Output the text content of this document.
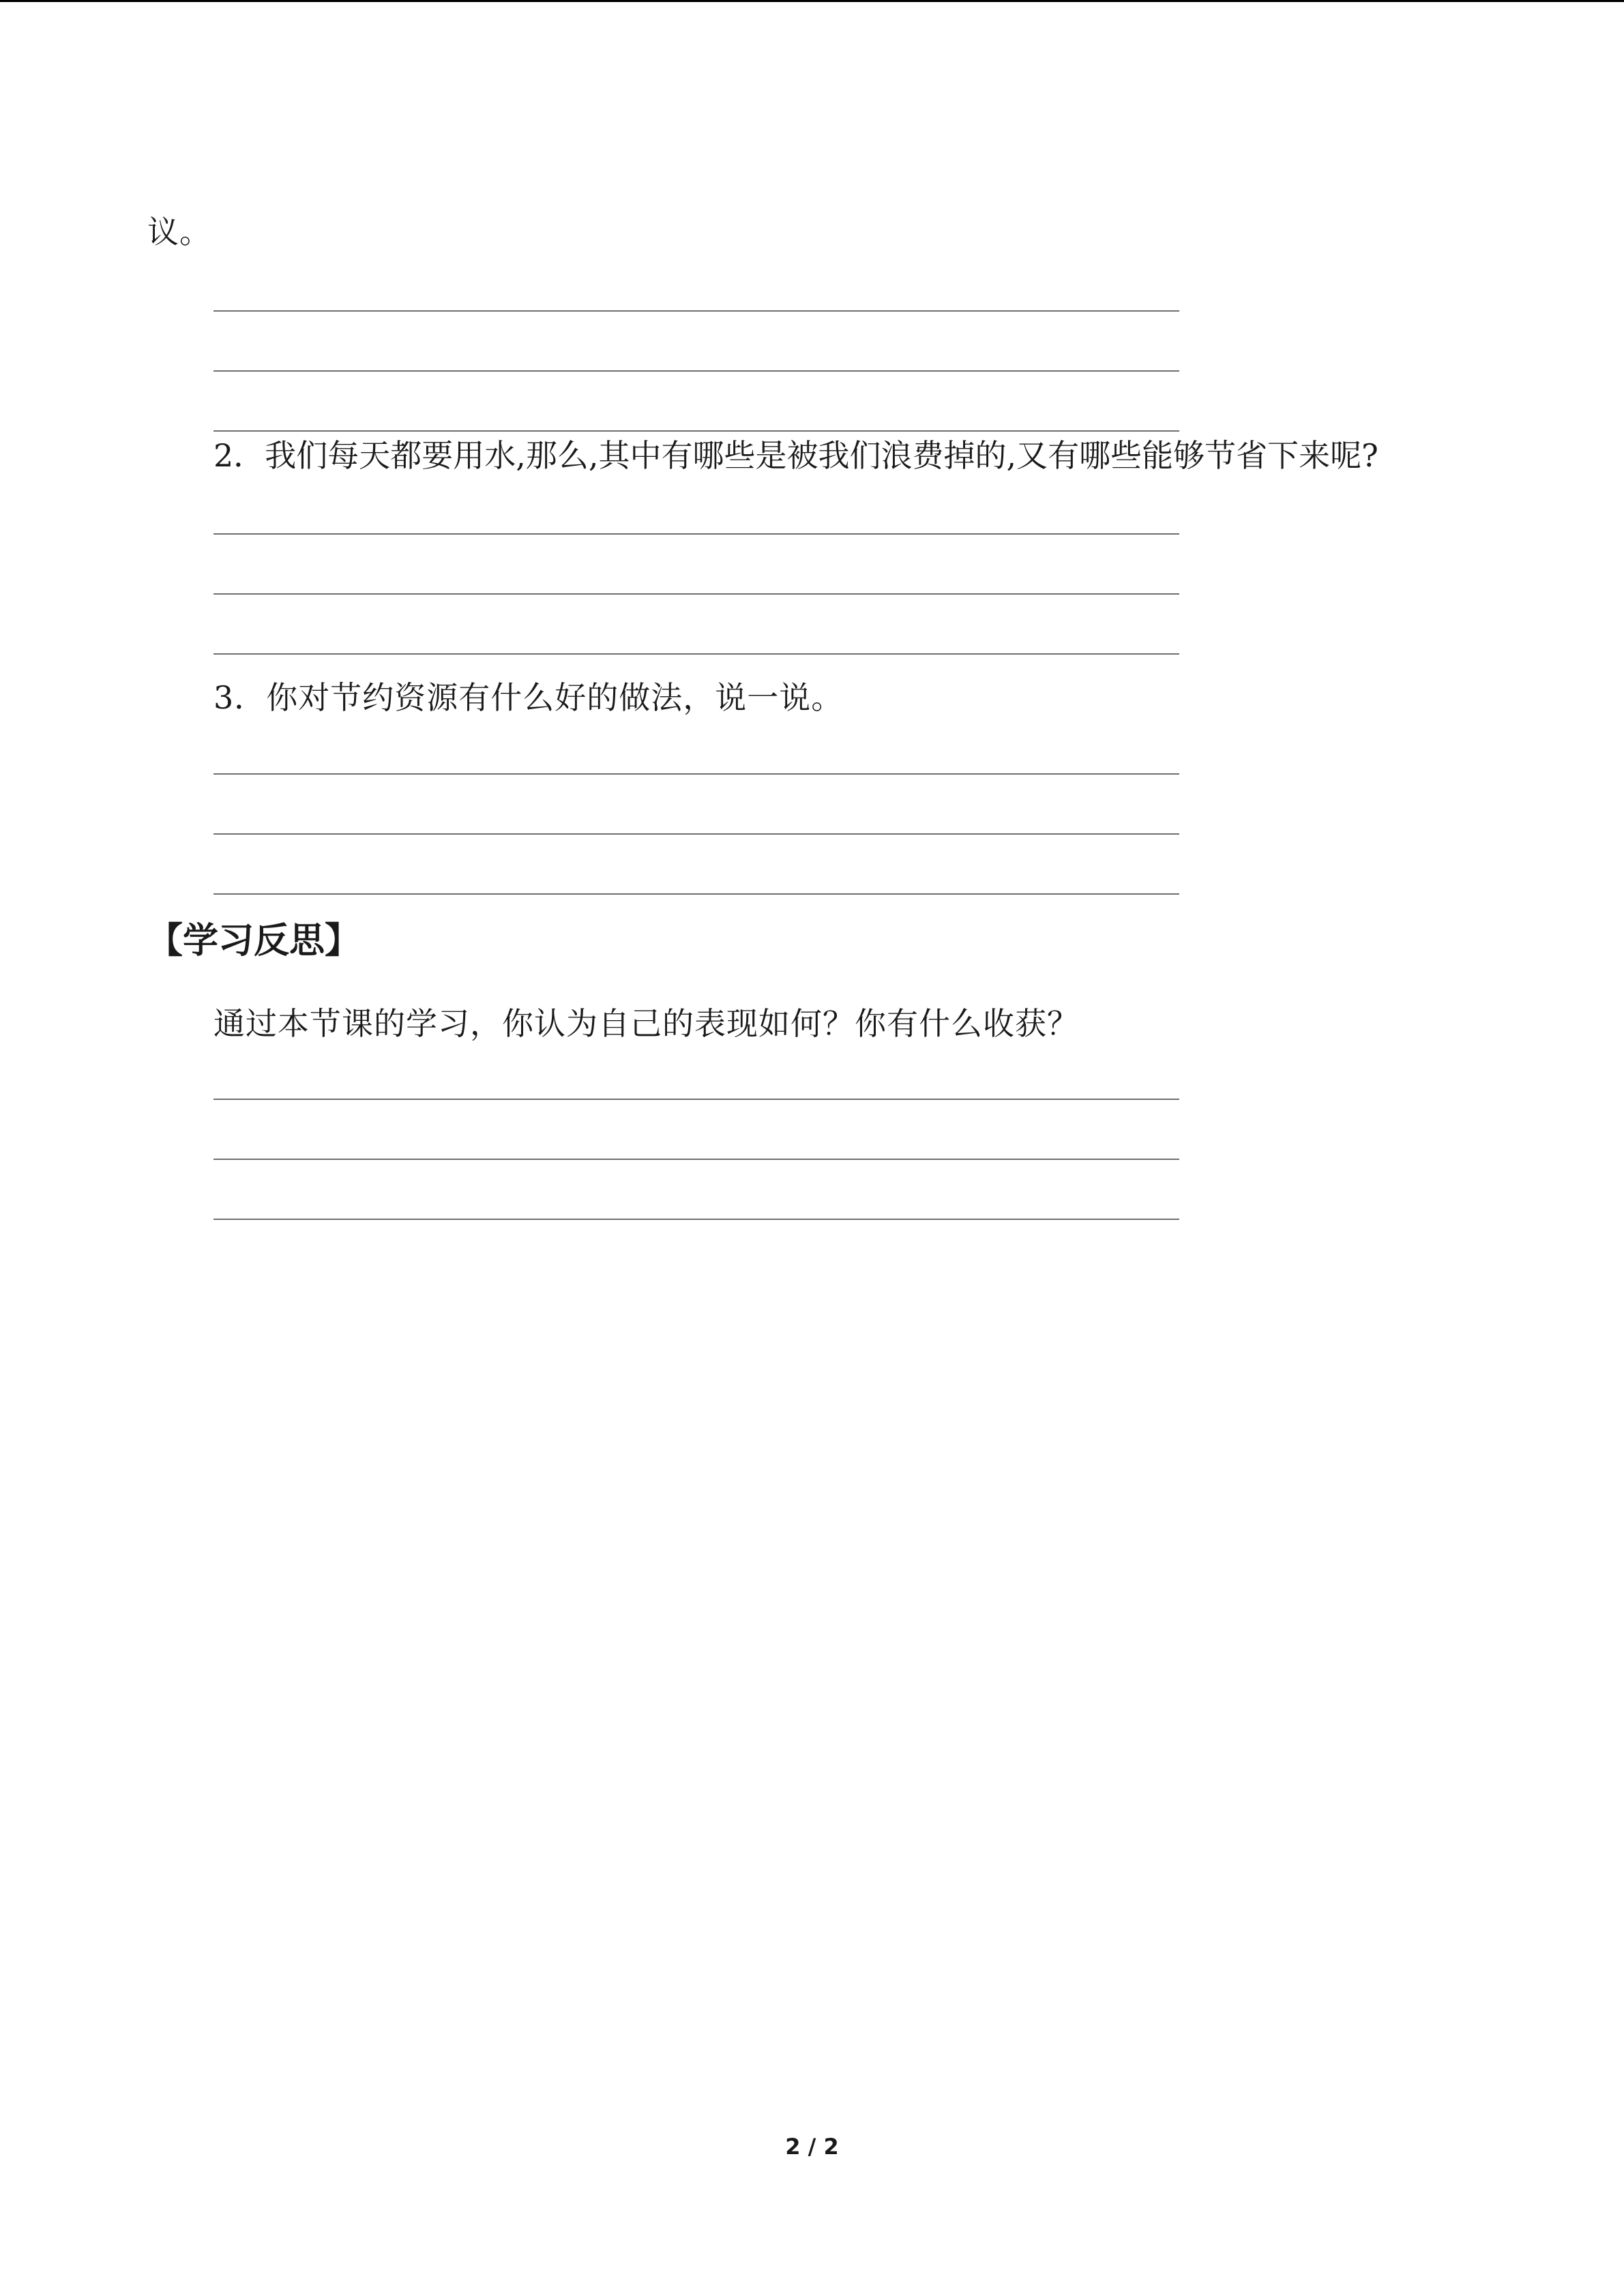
议。
2．我们每天都要用水,那么,其中有哪些是被我们浪费掉的,又有哪些能够节省下来呢?
3．你对节约资源有什么好的做法，说一说。
【学习反思】
通过本节课的学习，你认为自己的表现如何？你有什么收获？
2 / 2
